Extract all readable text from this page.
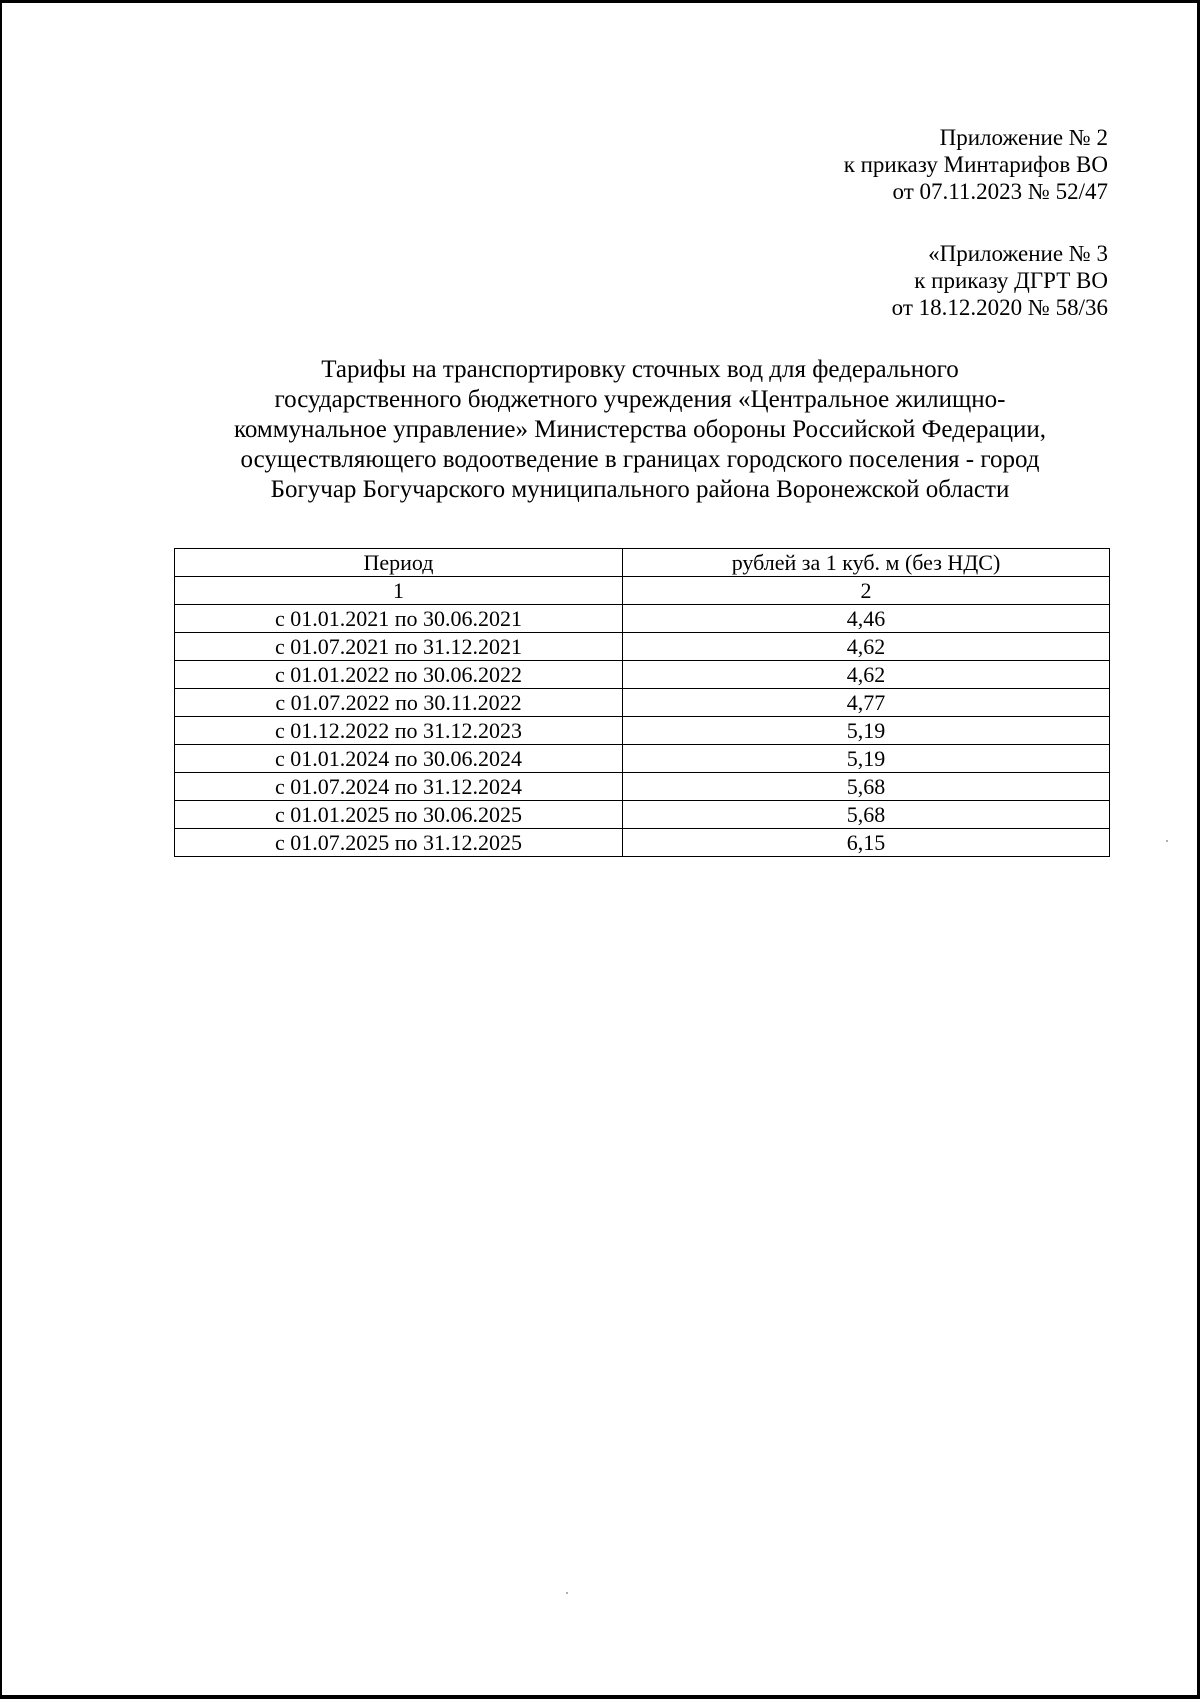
Приложение № 2
к приказу Минтарифов ВО
от 07.11.2023 № 52/47
«Приложение № 3
к приказу ДГРТ ВО
от 18.12.2020 № 58/36
Тарифы на транспортировку сточных вод для федерального
государственного бюджетного учреждения «Центральное жилищно-
коммунальное управление» Министерства обороны Российской Федерации,
осуществляющего водоотведение в границах городского поселения - город
Богучар Богучарского муниципального района Воронежской области
Период	рублей за 1 куб. м (без НДС)
1	2
с 01.01.2021 по 30.06.2021	4,46
с 01.07.2021 по 31.12.2021	4,62
с 01.01.2022 по 30.06.2022	4,62
с 01.07.2022 по 30.11.2022	4,77
с 01.12.2022 по 31.12.2023	5,19
с 01.01.2024 по 30.06.2024	5,19
с 01.07.2024 по 31.12.2024	5,68
с 01.01.2025 по 30.06.2025	5,68
с 01.07.2025 по 31.12.2025	6,15
